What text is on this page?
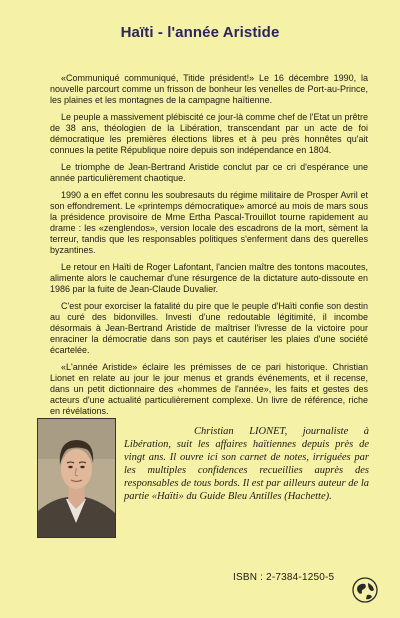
Haïti - l'année Aristide

«Communiqué communiqué, Titide président!» Le 16 décembre 1990, la nouvelle parcourt comme un frisson de bonheur les venelles de Port-au-Prince, les plaines et les montagnes de la campagne haïtienne.

Le peuple a massivement plébiscité ce jour-là comme chef de l'Etat un prêtre de 38 ans, théologien de la Libération, transcendant par un acte de foi démocratique les premières élections libres et à peu près honnêtes qu'ait connues la petite République noire depuis son indépendance en 1804.

Le triomphe de Jean-Bertrand Aristide conclut par ce cri d'espérance une année particulièrement chaotique.

1990 a en effet connu les soubresauts du régime militaire de Prosper Avril et son effondrement. Le «printemps démocratique» amorcé au mois de mars sous la présidence provisoire de Mme Ertha Pascal-Trouillot tourne rapidement au drame : les «zenglendos», version locale des escadrons de la mort, sèment la terreur, tandis que les responsables politiques s'enferment dans des querelles byzantines.

Le retour en Haïti de Roger Lafontant, l'ancien maître des tontons macoutes, alimente alors le cauchemar d'une résurgence de la dictature auto-dissoute en 1986 par la fuite de Jean-Claude Duvalier.

C'est pour exorciser la fatalité du pire que le peuple d'Haïti confie son destin au curé des bidonvilles. Investi d'une redoutable légitimité, il incombe désormais à Jean-Bertrand Aristide de maîtriser l'ivresse de la victoire pour enraciner la démocratie dans son pays et cautériser les plaies d'une société écartelée.

«L'année Aristide» éclaire les prémisses de ce pari historique. Christian Lionet en relate au jour le jour menus et grands événements, et il recense, dans un petit dictionnaire des «hommes de l'année», les faits et gestes des acteurs d'une actualité particulièrement complexe. Un livre de référence, riche en révélations.

Christian LIONET, journaliste à Libération, suit les affaires haïtiennes depuis près de vingt ans. Il ouvre ici son carnet de notes, irriguées par les multiples confidences recueillies auprès des responsables de tous bords. Il est par ailleurs auteur de la partie «Haïti» du Guide Bleu Antilles (Hachette).
ISBN : 2-7384-1250-5
